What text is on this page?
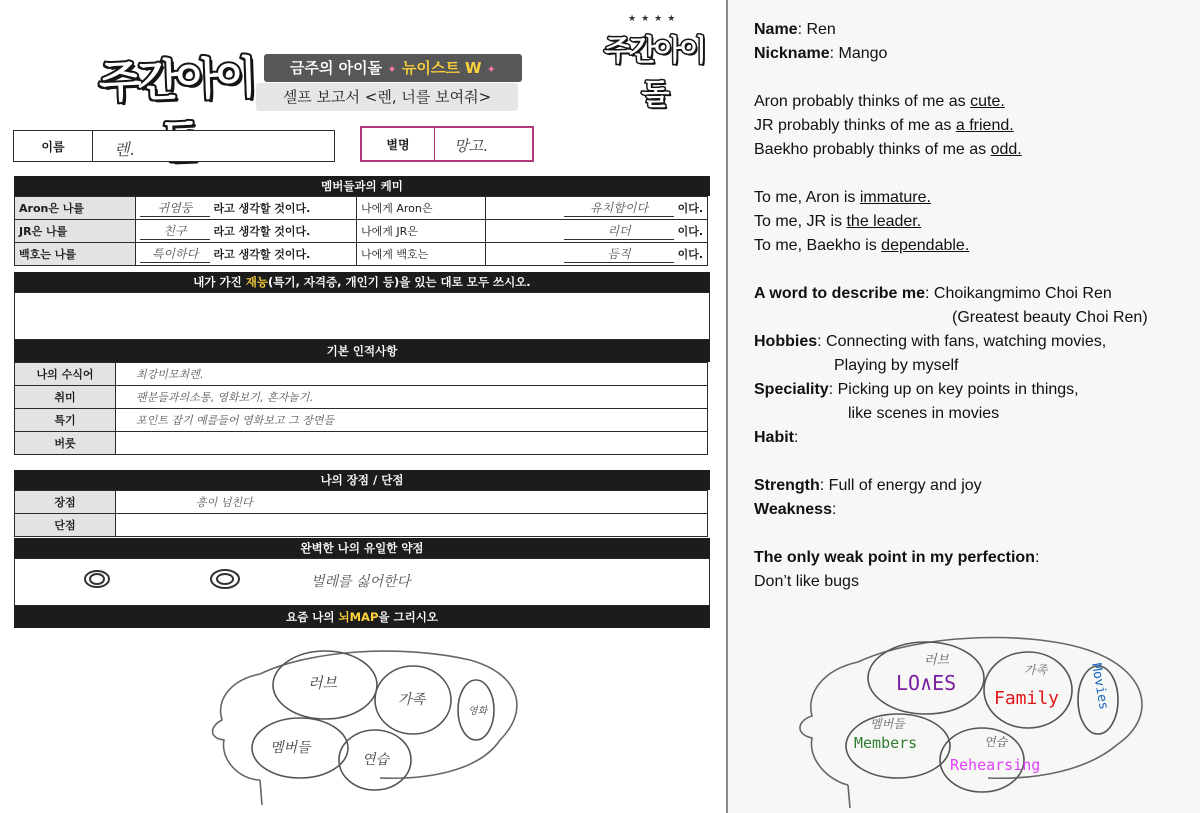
주간아이돌
★★★★
주간아이돌
금주의 아이돌 ✦ 뉴이스트 W ✦
셀프 보고서 <렌, 너를 보여줘>
이름	렌.	별명	망고.
멤버들과의 케미
Aron은 나를	귀염둥 라고 생각할 것이다.	나에게 Aron은	유치함이다 이다.
JR은 나를	친구 라고 생각할 것이다.	나에게 JR은	리더 이다.
백호는 나를	특이하다 라고 생각할 것이다.	나에게 백호는	듬직 이다.
내가 가진 재능(특기, 자격증, 개인기 등)을 있는 대로 모두 쓰시오.
기본 인적사항
나의 수식어	최강미모최렌.
취미	팬분들과의소통, 영화보기, 혼자놀기.
특기	포인트 잡기 예를들어 영화보고 그 장면들
버릇	
나의 장점 / 단점
장점	흥이 넘친다
단점	
완벽한 나의 유일한 약점
벌레를 싫어한다
요즘 나의 뇌MAP을 그리시오
러브
가족
영화
멤버들
연습
Name: Ren
Nickname: Mango
Aron probably thinks of me as cute.
JR probably thinks of me as a friend.
Baekho probably thinks of me as odd.
To me, Aron is immature.
To me, JR is the leader.
To me, Baekho is dependable.
A word to describe me: Choikangmimo Choi Ren
(Greatest beauty Choi Ren)
Hobbies: Connecting with fans, watching movies,
Playing by myself
Speciality: Picking up on key points in things,
like scenes in movies
Habit:
Strength: Full of energy and joy
Weakness:
The only weak point in my perfection:
Don’t like bugs
러브
가족
멤버들
연습
LO∧ES
Family Movies
Members
Rehearsing
